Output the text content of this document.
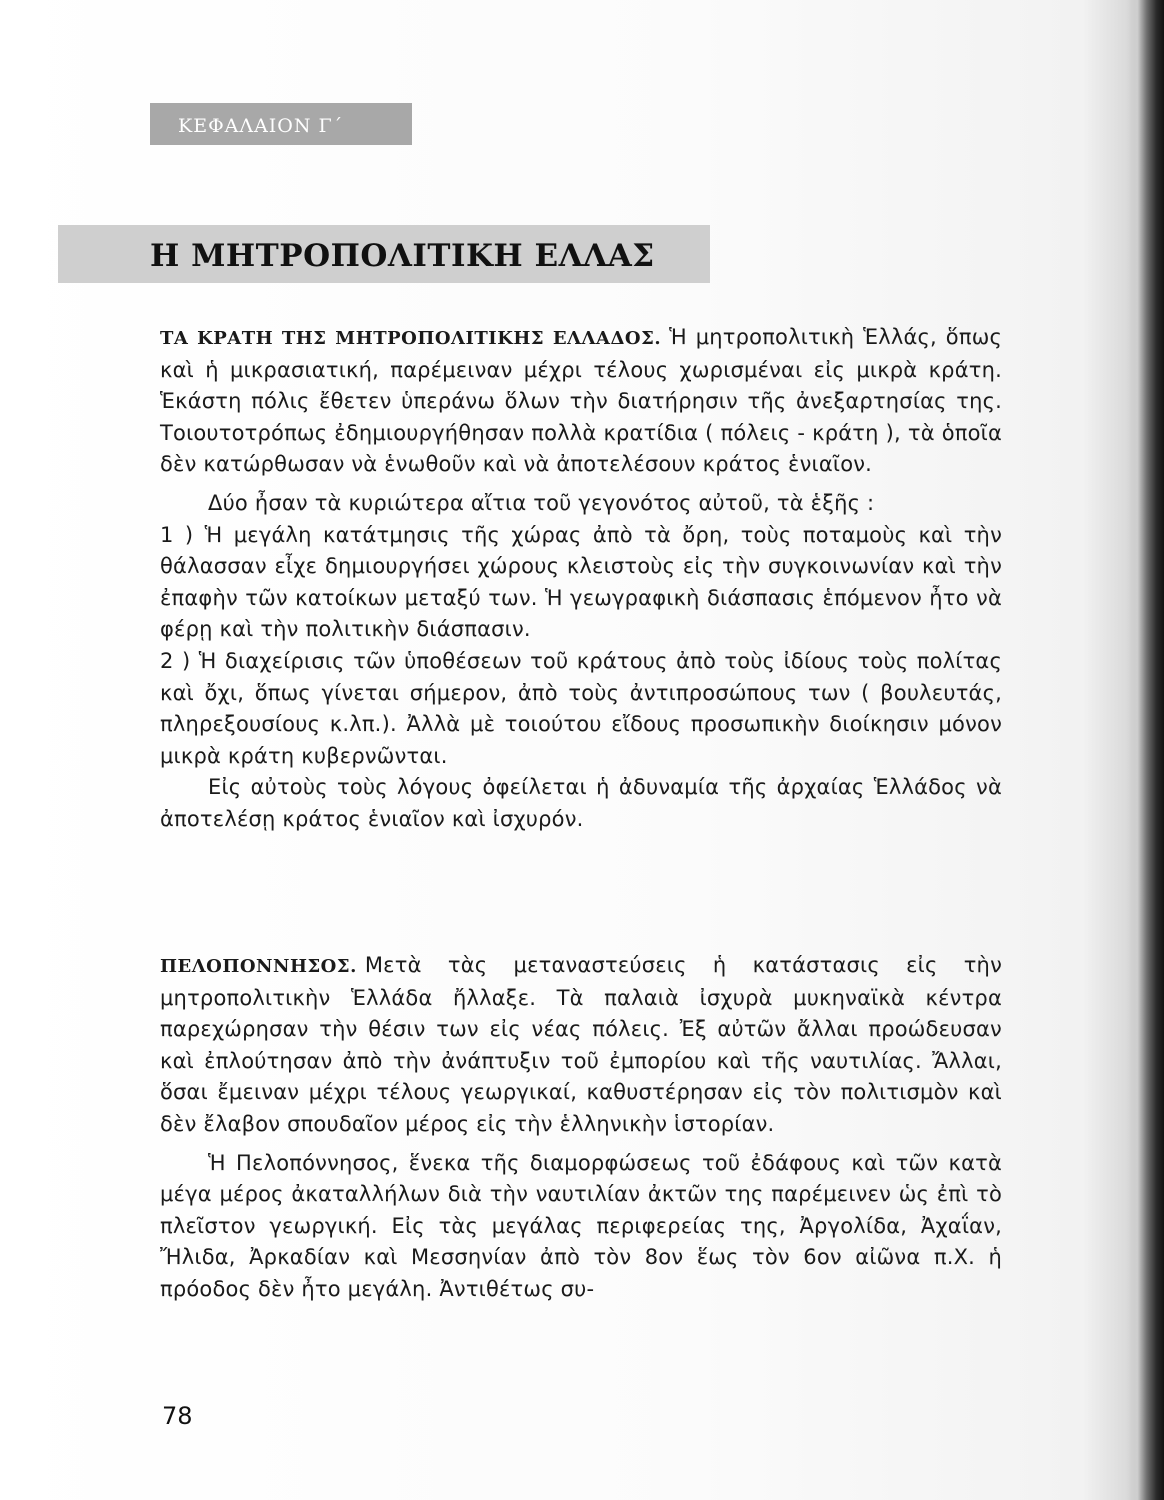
ΚΕΦΑΛΑΙΟΝ Γ΄
Η ΜΗΤΡΟΠΟΛΙΤΙΚΗ ΕΛΛΑΣ

ΤΑ ΚΡΑΤΗ ΤΗΣ ΜΗΤΡΟΠΟΛΙΤΙΚΗΣ ΕΛΛΑΔΟΣ. Ἡ μητροπολιτικὴ Ἑλλάς, ὅπως καὶ ἡ μικρασιατική, παρέμειναν μέχρι τέλους χωρισμέναι εἰς μικρὰ κράτη. Ἑκάστη πόλις ἔθετεν ὑπεράνω ὅλων τὴν διατήρησιν τῆς ἀνεξαρτησίας της. Τοιουτοτρόπως ἐδημιουργήθησαν πολλὰ κρατίδια ( πόλεις - κράτη ), τὰ ὁποῖα δὲν κατώρθωσαν νὰ ἑνωθοῦν καὶ νὰ ἀποτελέσουν κράτος ἑνιαῖον.

Δύο ἦσαν τὰ κυριώτερα αἴτια τοῦ γεγονότος αὐτοῦ, τὰ ἑξῆς :

1 ) Ἡ μεγάλη κατάτμησις τῆς χώρας ἀπὸ τὰ ὄρη, τοὺς ποταμοὺς καὶ τὴν θάλασσαν εἶχε δημιουργήσει χώρους κλειστοὺς εἰς τὴν συγκοινωνίαν καὶ τὴν ἐπαφὴν τῶν κατοίκων μεταξύ των. Ἡ γεωγραφικὴ διάσπασις ἑπόμενον ἦτο νὰ φέρῃ καὶ τὴν πολιτικὴν διάσπασιν.

2 ) Ἡ διαχείρισις τῶν ὑποθέσεων τοῦ κράτους ἀπὸ τοὺς ἰδίους τοὺς πολίτας καὶ ὄχι, ὅπως γίνεται σήμερον, ἀπὸ τοὺς ἀντιπροσώπους των ( βουλευτάς, πληρεξουσίους κ.λπ.). Ἀλλὰ μὲ τοιούτου εἴδους προσωπικὴν διοίκησιν μόνον μικρὰ κράτη κυβερνῶνται.

Εἰς αὐτοὺς τοὺς λόγους ὀφείλεται ἡ ἀδυναμία τῆς ἀρχαίας Ἑλλάδος νὰ ἀποτελέσῃ κράτος ἑνιαῖον καὶ ἰσχυρόν.

ΠΕΛΟΠΟΝΝΗΣΟΣ. Μετὰ τὰς μεταναστεύσεις ἡ κατάστασις εἰς τὴν μητροπολιτικὴν Ἑλλάδα ἤλλαξε. Τὰ παλαιὰ ἰσχυρὰ μυκηναϊκὰ κέντρα παρεχώρησαν τὴν θέσιν των εἰς νέας πόλεις. Ἐξ αὐτῶν ἄλλαι προώδευσαν καὶ ἐπλούτησαν ἀπὸ τὴν ἀνάπτυξιν τοῦ ἐμπορίου καὶ τῆς ναυτιλίας. Ἄλλαι, ὅσαι ἔμειναν μέχρι τέλους γεωργικαί, καθυστέρησαν εἰς τὸν πολιτισμὸν καὶ δὲν ἔλαβον σπουδαῖον μέρος εἰς τὴν ἑλληνικὴν ἱστορίαν.

Ἡ Πελοπόννησος, ἕνεκα τῆς διαμορφώσεως τοῦ ἐδάφους καὶ τῶν κατὰ μέγα μέρος ἀκαταλλήλων διὰ τὴν ναυτιλίαν ἀκτῶν της παρέμεινεν ὡς ἐπὶ τὸ πλεῖστον γεωργική. Εἰς τὰς μεγάλας περιφερείας της, Ἀργολίδα, Ἀχαΐαν, Ἤλιδα, Ἀρκαδίαν καὶ Μεσσηνίαν ἀπὸ τὸν 8ον ἕως τὸν 6ον αἰῶνα π.Χ. ἡ πρόοδος δὲν ἦτο μεγάλη. Ἀντιθέτως συ-

78
